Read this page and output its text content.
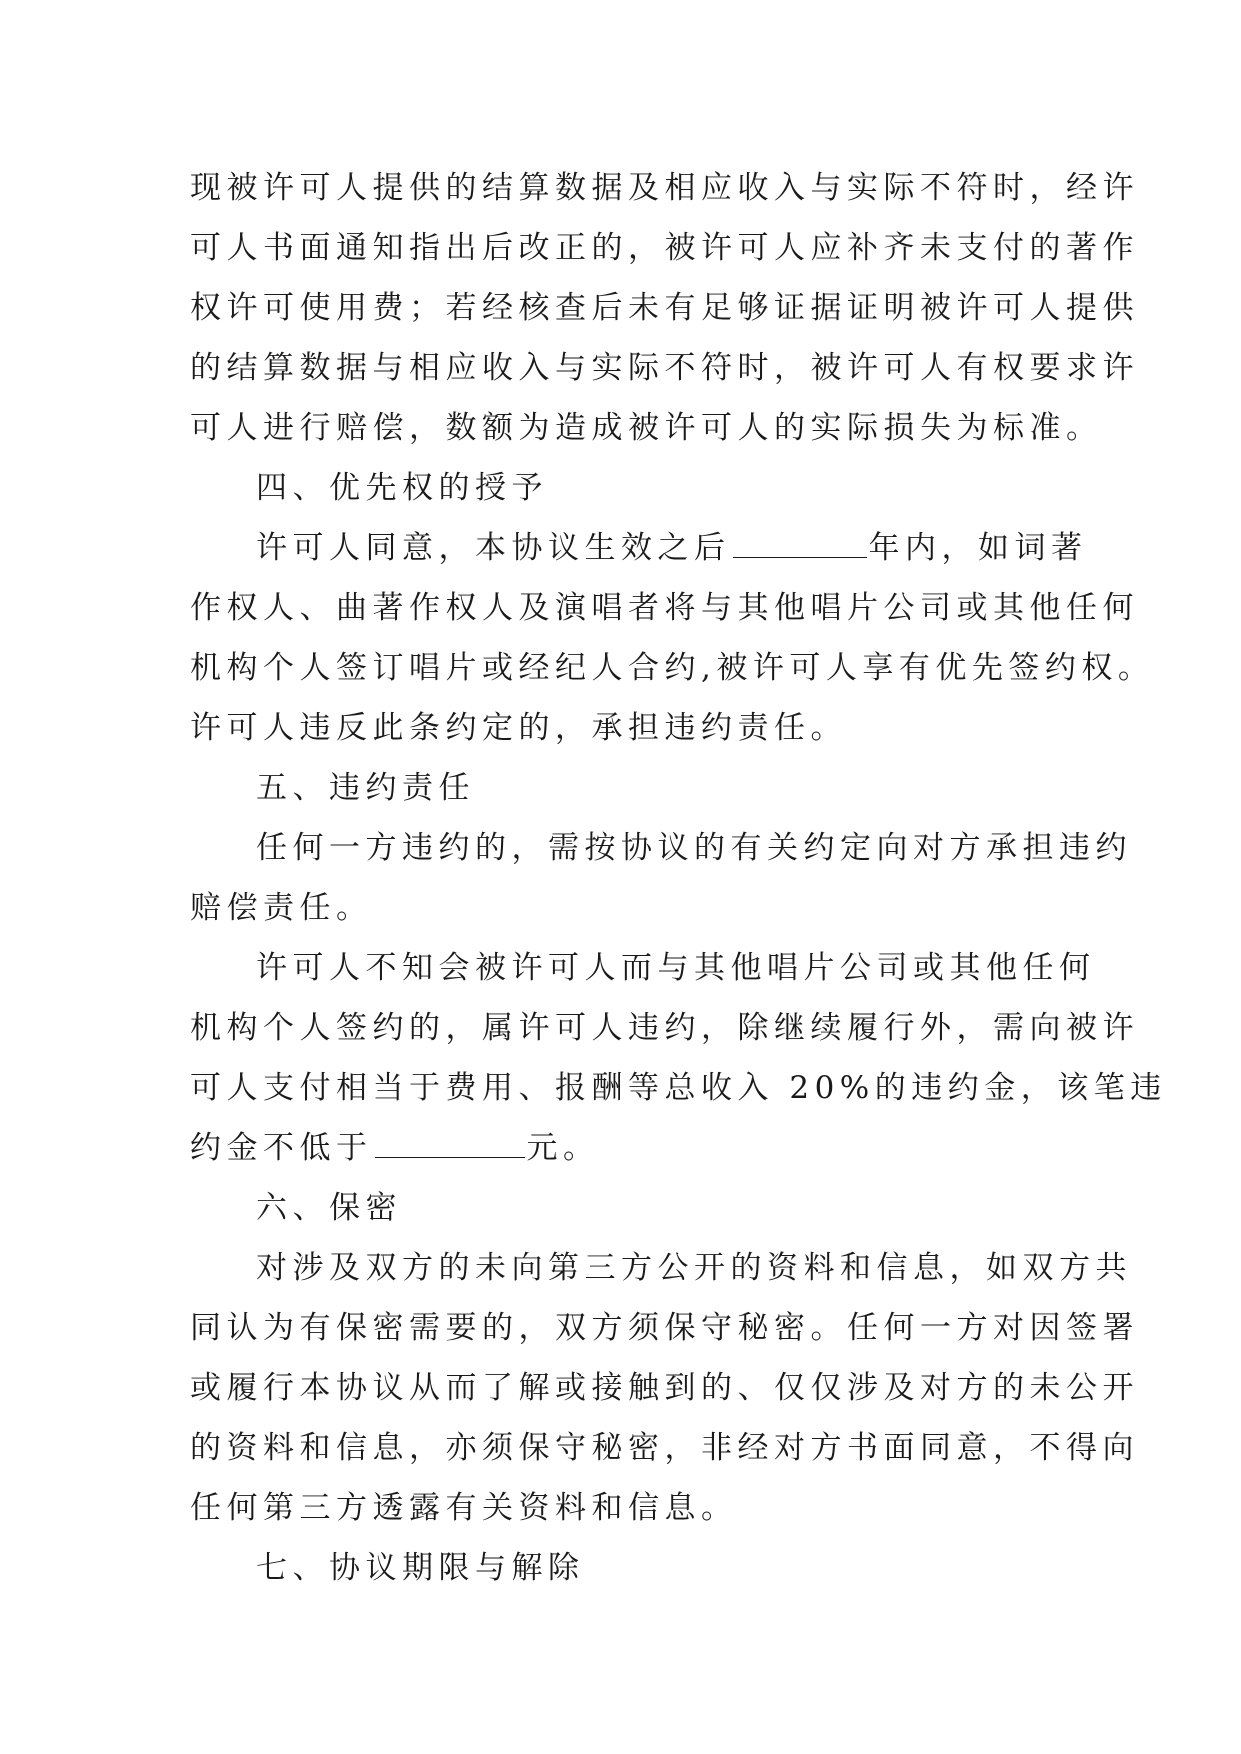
现被许可人提供的结算数据及相应收入与实际不符时，经许
可人书面通知指出后改正的，被许可人应补齐未支付的著作
权许可使用费；若经核查后未有足够证据证明被许可人提供
的结算数据与相应收入与实际不符时，被许可人有权要求许
可人进行赔偿，数额为造成被许可人的实际损失为标准。
四、优先权的授予
许可人同意，本协议生效之后	年内，如词著
作权人、曲著作权人及演唱者将与其他唱片公司或其他任何
机构个人签订唱片或经纪人合约,被许可人享有优先签约权。
许可人违反此条约定的，承担违约责任。
五、违约责任
任何一方违约的，需按协议的有关约定向对方承担违约
赔偿责任。
许可人不知会被许可人而与其他唱片公司或其他任何
机构个人签约的，属许可人违约，除继续履行外，需向被许
可人支付相当于费用、报酬等总收入 20%的违约金，该笔违
约金不低于	元。
六、保密
对涉及双方的未向第三方公开的资料和信息，如双方共
同认为有保密需要的，双方须保守秘密。任何一方对因签署
或履行本协议从而了解或接触到的、仅仅涉及对方的未公开
的资料和信息，亦须保守秘密，非经对方书面同意，不得向
任何第三方透露有关资料和信息。
七、协议期限与解除
